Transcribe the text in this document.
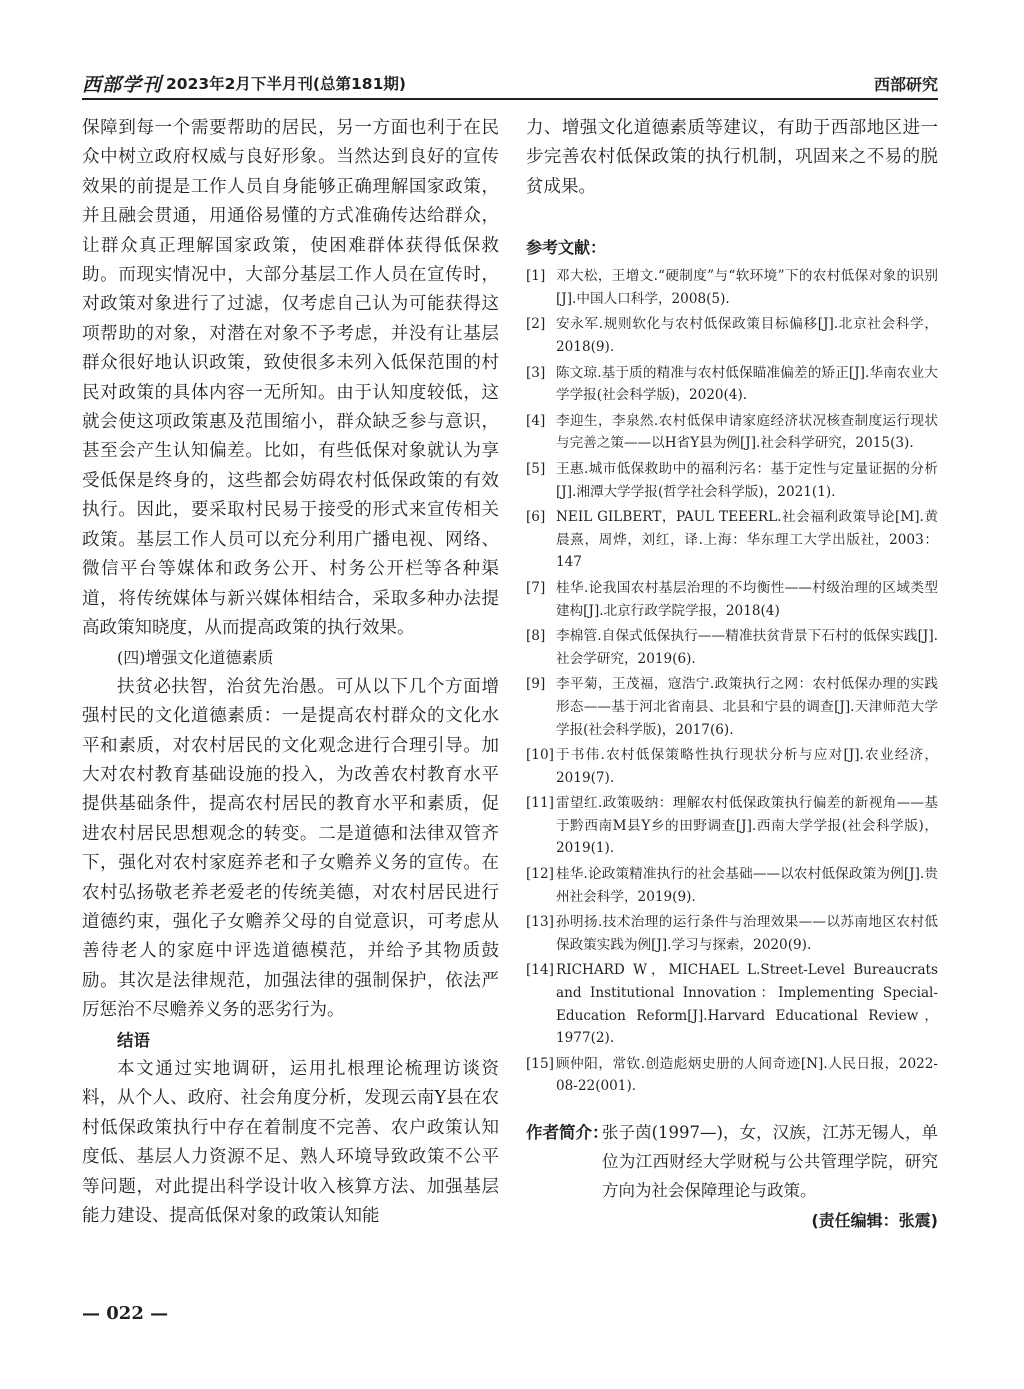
西部学刊 2023年2月下半月刊(总第181期)	西部研究

保障到每一个需要帮助的居民，另一方面也利于在民众中树立政府权威与良好形象。当然达到良好的宣传效果的前提是工作人员自身能够正确理解国家政策，并且融会贯通，用通俗易懂的方式准确传达给群众，让群众真正理解国家政策，使困难群体获得低保救助。而现实情况中，大部分基层工作人员在宣传时，对政策对象进行了过滤，仅考虑自己认为可能获得这项帮助的对象，对潜在对象不予考虑，并没有让基层群众很好地认识政策，致使很多未列入低保范围的村民对政策的具体内容一无所知。由于认知度较低，这就会使这项政策惠及范围缩小，群众缺乏参与意识，甚至会产生认知偏差。比如，有些低保对象就认为享受低保是终身的，这些都会妨碍农村低保政策的有效执行。因此，要采取村民易于接受的形式来宣传相关政策。基层工作人员可以充分利用广播电视、网络、微信平台等媒体和政务公开、村务公开栏等各种渠道，将传统媒体与新兴媒体相结合，采取多种办法提高政策知晓度，从而提高政策的执行效果。

(四)增强文化道德素质

扶贫必扶智，治贫先治愚。可从以下几个方面增强村民的文化道德素质：一是提高农村群众的文化水平和素质，对农村居民的文化观念进行合理引导。加大对农村教育基础设施的投入，为改善农村教育水平提供基础条件，提高农村居民的教育水平和素质，促进农村居民思想观念的转变。二是道德和法律双管齐下，强化对农村家庭养老和子女赡养义务的宣传。在农村弘扬敬老养老爱老的传统美德，对农村居民进行道德约束，强化子女赡养父母的自觉意识，可考虑从善待老人的家庭中评选道德模范，并给予其物质鼓励。其次是法律规范，加强法律的强制保护，依法严厉惩治不尽赡养义务的恶劣行为。

结语

本文通过实地调研，运用扎根理论梳理访谈资料，从个人、政府、社会角度分析，发现云南Y县在农村低保政策执行中存在着制度不完善、农户政策认知度低、基层人力资源不足、熟人环境导致政策不公平等问题，对此提出科学设计收入核算方法、加强基层能力建设、提高低保对象的政策认知能

力、增强文化道德素质等建议，有助于西部地区进一步完善农村低保政策的执行机制，巩固来之不易的脱贫成果。

参考文献：
[1] 邓大松，王增文.“硬制度”与“软环境”下的农村低保对象的识别[J].中国人口科学，2008(5).
[2] 安永军.规则软化与农村低保政策目标偏移[J].北京社会科学，2018(9).
[3] 陈文琼.基于质的精准与农村低保瞄准偏差的矫正[J].华南农业大学学报(社会科学版)，2020(4).
[4] 李迎生，李泉然.农村低保申请家庭经济状况核查制度运行现状与完善之策——以H省Y县为例[J].社会科学研究，2015(3).
[5] 王惠.城市低保救助中的福利污名：基于定性与定量证据的分析[J].湘潭大学学报(哲学社会科学版)，2021(1).
[6] NEIL GILBERT，PAUL TEEERL.社会福利政策导论[M].黄晨熹，周烨，刘红，译.上海：华东理工大学出版社，2003：147
[7] 桂华.论我国农村基层治理的不均衡性——村级治理的区域类型建构[J].北京行政学院学报，2018(4)
[8] 李棉管.自保式低保执行——精准扶贫背景下石村的低保实践[J].社会学研究，2019(6).
[9] 李平菊，王茂福，寇浩宁.政策执行之网：农村低保办理的实践形态——基于河北省南县、北县和宁县的调查[J].天津师范大学学报(社会科学版)，2017(6).
[10] 于书伟.农村低保策略性执行现状分析与应对[J].农业经济，2019(7).
[11] 雷望红.政策吸纳：理解农村低保政策执行偏差的新视角——基于黔西南M县Y乡的田野调查[J].西南大学学报(社会科学版)，2019(1).
[12] 桂华.论政策精准执行的社会基础——以农村低保政策为例[J].贵州社会科学，2019(9).
[13] 孙明扬.技术治理的运行条件与治理效果——以苏南地区农村低保政策实践为例[J].学习与探索，2020(9).
[14] RICHARD W，MICHAEL L.Street-Level Bureaucrats and Institutional Innovation：Implementing Special-Education Reform[J].Harvard Educational Review，1977(2).
[15] 顾仲阳，常钦.创造彪炳史册的人间奇迹[N].人民日报，2022-08-22(001).
作者简介：
张子茵(1997—)，女，汉族，江苏无锡人，单位为江西财经大学财税与公共管理学院，研究方向为社会保障理论与政策。
(责任编辑：张震)
— 022 —
